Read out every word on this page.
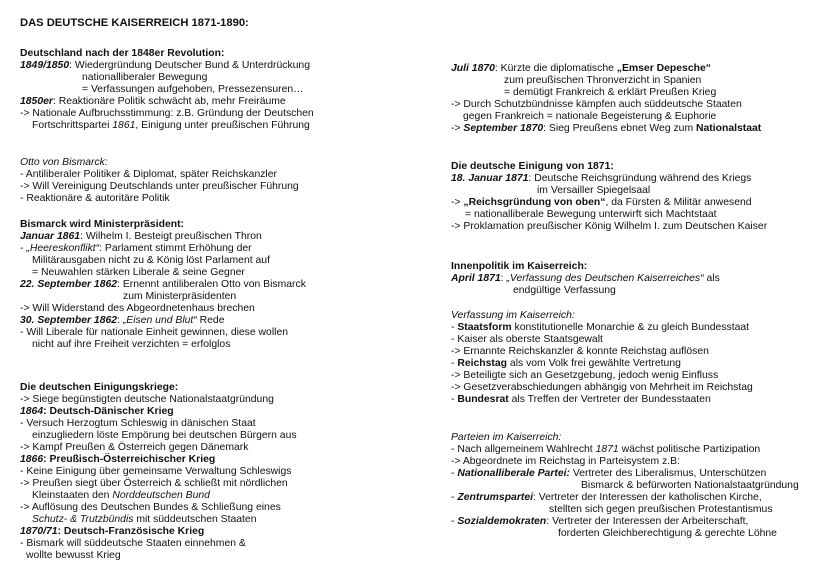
DAS DEUTSCHE KAISERREICH 1871-1890:
Deutschland nach der 1848er Revolution:
1849/1850: Wiedergründung Deutscher Bund & Unterdrückung
nationalliberaler Bewegung
= Verfassungen aufgehoben, Pressezensuren…
1850er: Reaktionäre Politik schwächt ab, mehr Freiräume
-> Nationale Aufbruchsstimmung: z.B. Gründung der Deutschen
Fortschrittspartei 1861, Einigung unter preußischen Führung
Otto von Bismarck:
- Antiliberaler Politiker & Diplomat, später Reichskanzler
-> Will Vereinigung Deutschlands unter preußischer Führung
- Reaktionäre & autoritäre Politik
Bismarck wird Ministerpräsident:
Januar 1861: Wilhelm I. Besteigt preußischen Thron
- „Heereskonflikt“: Parlament stimmt Erhöhung der
Militärausgaben nicht zu & König löst Parlament auf
= Neuwahlen stärken Liberale & seine Gegner
22. September 1862: Ernennt antiliberalen Otto von Bismarck
zum Ministerpräsidenten
-> Will Widerstand des Abgeordnetenhaus brechen
30. September 1862: „Eisen und Blut“ Rede
- Will Liberale für nationale Einheit gewinnen, diese wollen
nicht auf ihre Freiheit verzichten = erfolglos
Die deutschen Einigungskriege:
-> Siege begünstigten deutsche Nationalstaatgründung
1864: Deutsch-Dänischer Krieg
- Versuch Herzogtum Schleswig in dänischen Staat
einzugliedern löste Empörung bei deutschen Bürgern aus
-> Kampf Preußen & Österreich gegen Dänemark
1866: Preußisch-Österreichischer Krieg
- Keine Einigung über gemeinsame Verwaltung Schleswigs
-> Preußen siegt über Österreich & schließt mit nördlichen
Kleinstaaten den Norddeutschen Bund
-> Auflösung des Deutschen Bundes & Schließung eines
Schutz- & Trutzbündis mit süddeutschen Staaten
1870/71: Deutsch-Französische Krieg
- Bismark will süddeutsche Staaten einnehmen &
wollte bewusst Krieg
Juli 1870: Kürzte die diplomatische „Emser Depesche“
zum preußischen Thronverzicht in Spanien
= demütigt Frankreich & erklärt Preußen Krieg
-> Durch Schutzbündnisse kämpfen auch süddeutsche Staaten
gegen Frankreich = nationale Begeisterung & Euphorie
-> September 1870: Sieg Preußens ebnet Weg zum Nationalstaat
Die deutsche Einigung von 1871:
18. Januar 1871: Deutsche Reichsgründung während des Kriegs
im Versailler Spiegelsaal
-> „Reichsgründung von oben“, da Fürsten & Militär anwesend
= nationalliberale Bewegung unterwirft sich Machtstaat
-> Proklamation preußischer König Wilhelm I. zum Deutschen Kaiser
Innenpolitik im Kaiserreich:
April 1871: „Verfassung des Deutschen Kaiserreiches“ als
endgültige Verfassung
Verfassung im Kaiserreich:
- Staatsform konstitutionelle Monarchie & zu gleich Bundesstaat
- Kaiser als oberste Staatsgewalt
-> Ernannte Reichskanzler & konnte Reichstag auflösen
- Reichstag als vom Volk frei gewählte Vertretung
-> Beteiligte sich an Gesetzgebung, jedoch wenig Einfluss
-> Gesetzverabschiedungen abhängig von Mehrheit im Reichstag
- Bundesrat als Treffen der Vertreter der Bundesstaaten
Parteien im Kaiserreich:
- Nach allgemeinem Wahlrecht 1871 wächst politische Partizipation
-> Abgeordnete im Reichstag in Parteisystem z.B:
- Nationalliberale Partei: Vertreter des Liberalismus, Unterschützen
Bismarck & befürworten Nationalstaatgründung
- Zentrumspartei: Vertreter der Interessen der katholischen Kirche,
stellten sich gegen preußischen Protestantismus
- Sozialdemokraten: Vertreter der Interessen der Arbeiterschaft,
forderten Gleichberechtigung & gerechte Löhne
